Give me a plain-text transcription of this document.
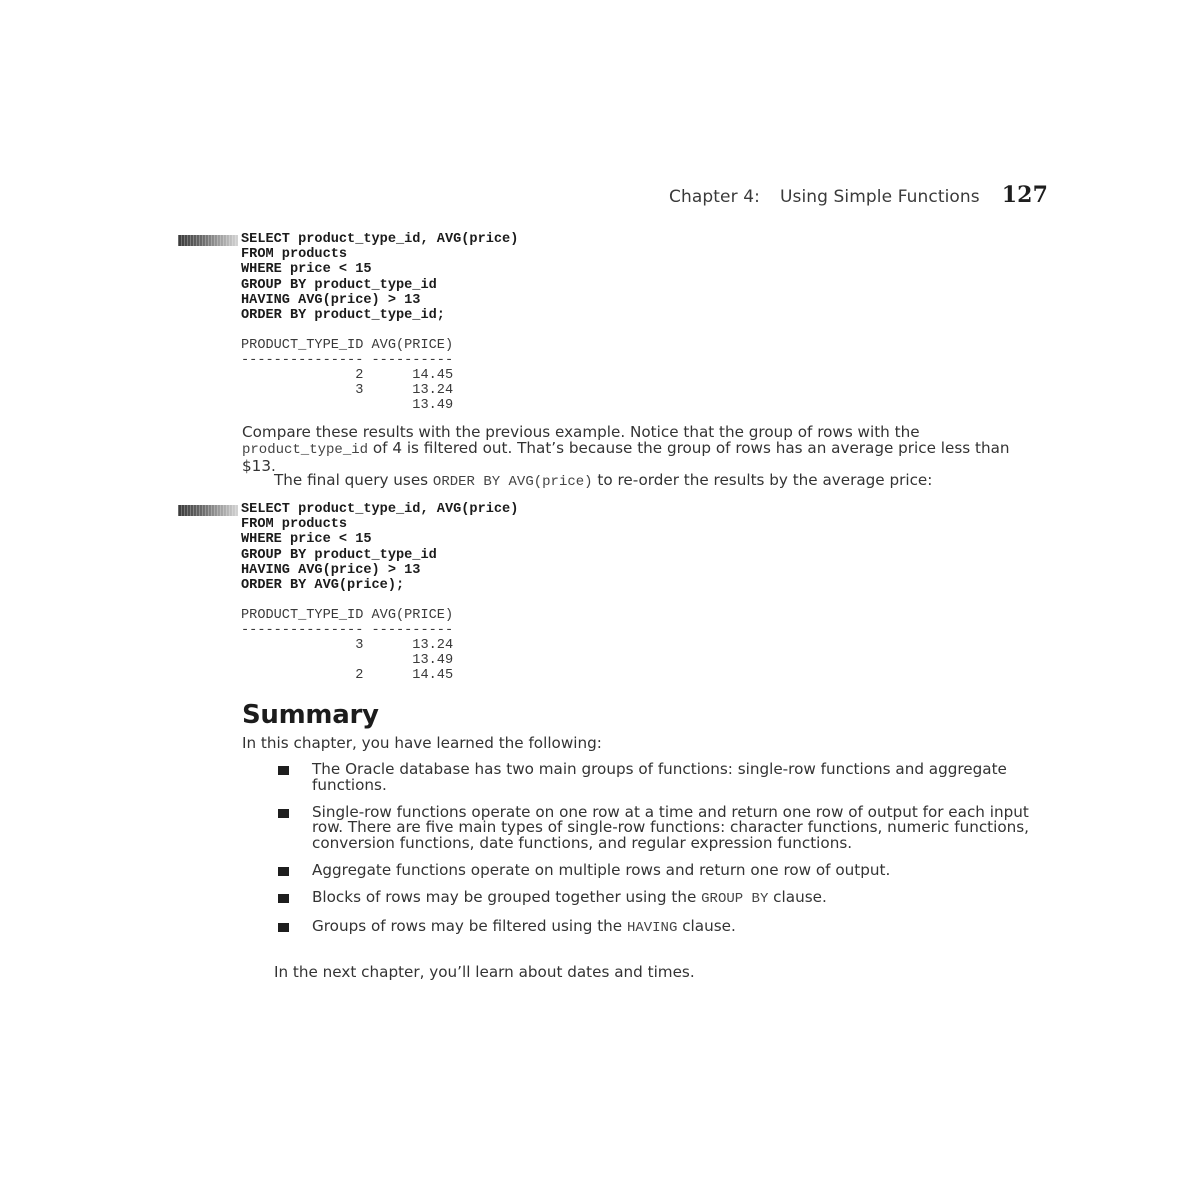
Chapter 4: Using Simple Functions 127
SELECT product_type_id, AVG(price)
FROM products
WHERE price < 15
GROUP BY product_type_id
HAVING AVG(price) > 13
ORDER BY product_type_id;
PRODUCT_TYPE_ID AVG(PRICE)
--------------- ----------
2      14.45
3      13.24
13.49

Compare these results with the previous example. Notice that the group of rows with the product_type_id of 4 is filtered out. That’s because the group of rows has an average price less than $13.

The final query uses ORDER BY AVG(price) to re-order the results by the average price:

SELECT product_type_id, AVG(price)
FROM products
WHERE price < 15
GROUP BY product_type_id
HAVING AVG(price) > 13
ORDER BY AVG(price);
PRODUCT_TYPE_ID AVG(PRICE)
--------------- ----------
3      13.24
13.49
2      14.45
Summary

In this chapter, you have learned the following:

The Oracle database has two main groups of functions: single-row functions and aggregate functions.
Single-row functions operate on one row at a time and return one row of output for each input row. There are five main types of single-row functions: character functions, numeric functions, conversion functions, date functions, and regular expression functions.
Aggregate functions operate on multiple rows and return one row of output.
Blocks of rows may be grouped together using the GROUP BY clause.
Groups of rows may be filtered using the HAVING clause.

In the next chapter, you’ll learn about dates and times.
